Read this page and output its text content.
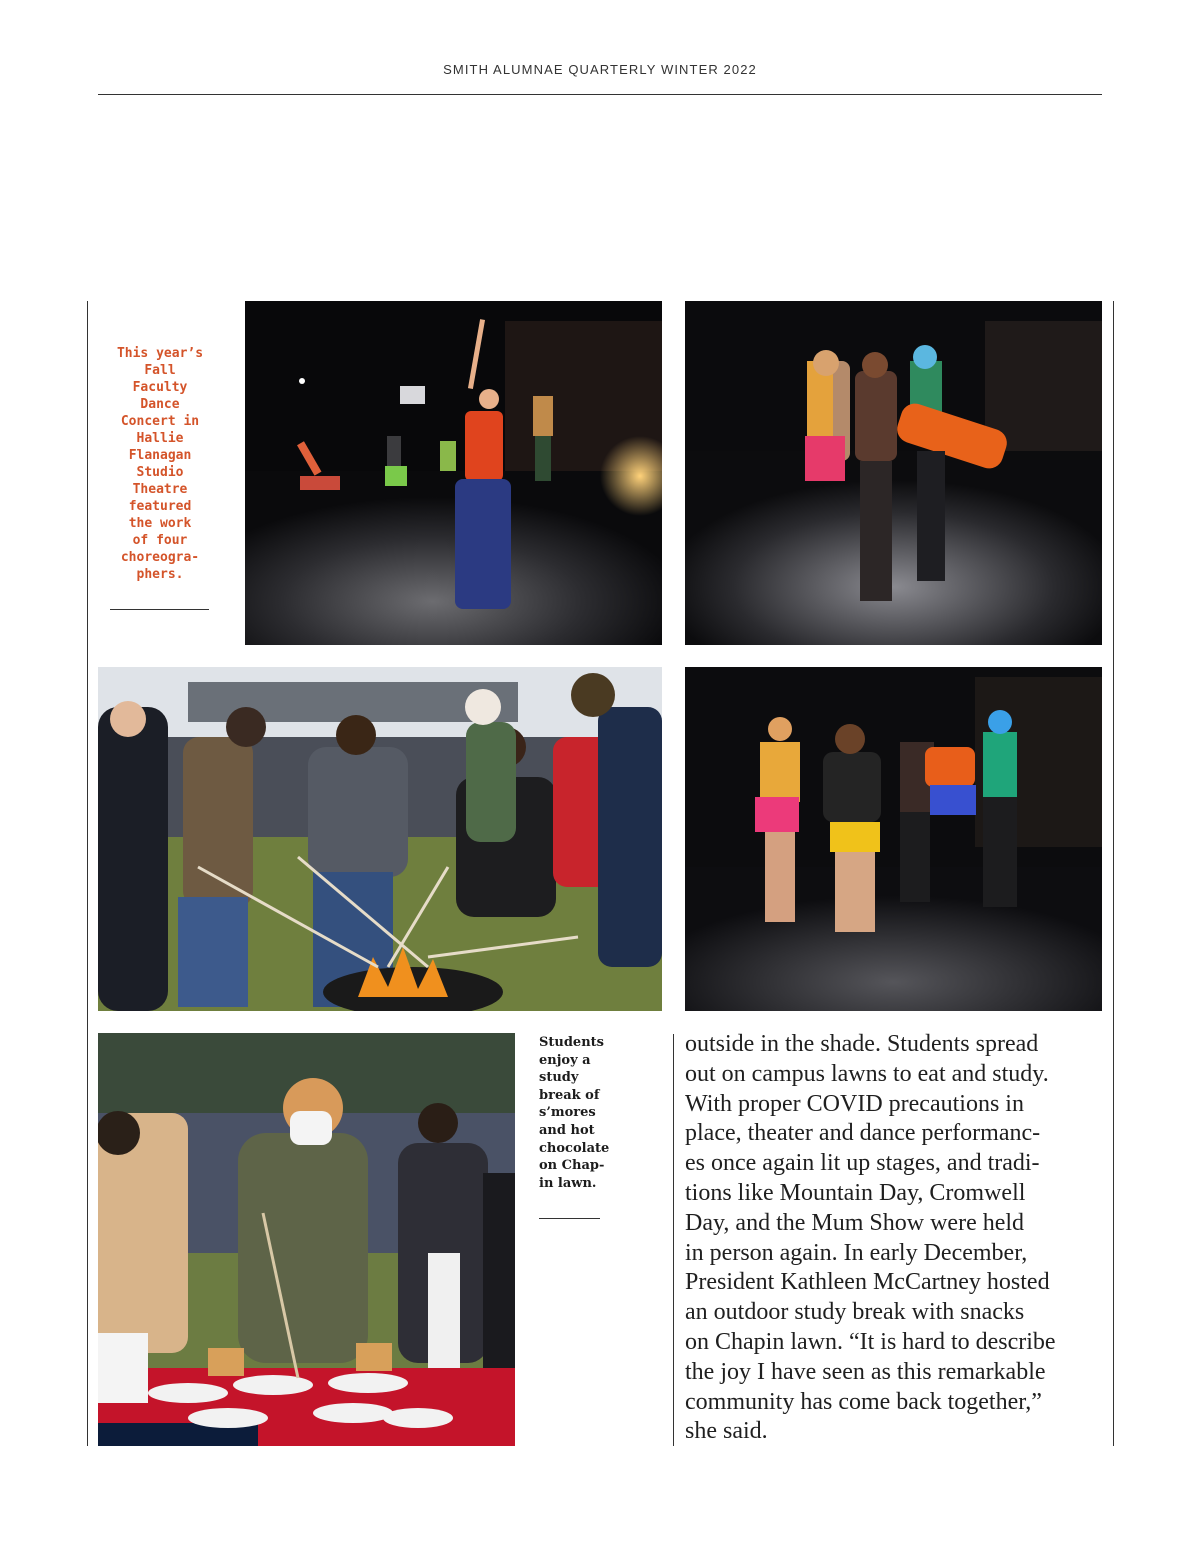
SMITH ALUMNAE QUARTERLY WINTER 2022
This year’s
Fall
Faculty
Dance
Concert in
Hallie
Flanagan
Studio
Theatre
featured
the work
of four
choreogra-
phers.
Students
enjoy a
study
break of
s’mores
and hot
chocolate
on Chap-
in lawn.
outside in the shade. Students spread
out on campus lawns to eat and study.
With proper COVID precautions in
place, theater and dance performanc-
es once again lit up stages, and tradi-
tions like Mountain Day, Cromwell
Day, and the Mum Show were held
in person again. In early December,
President Kathleen McCartney hosted
an outdoor study break with snacks
on Chapin lawn. “It is hard to describe
the joy I have seen as this remarkable
community has come back together,”
she said.
